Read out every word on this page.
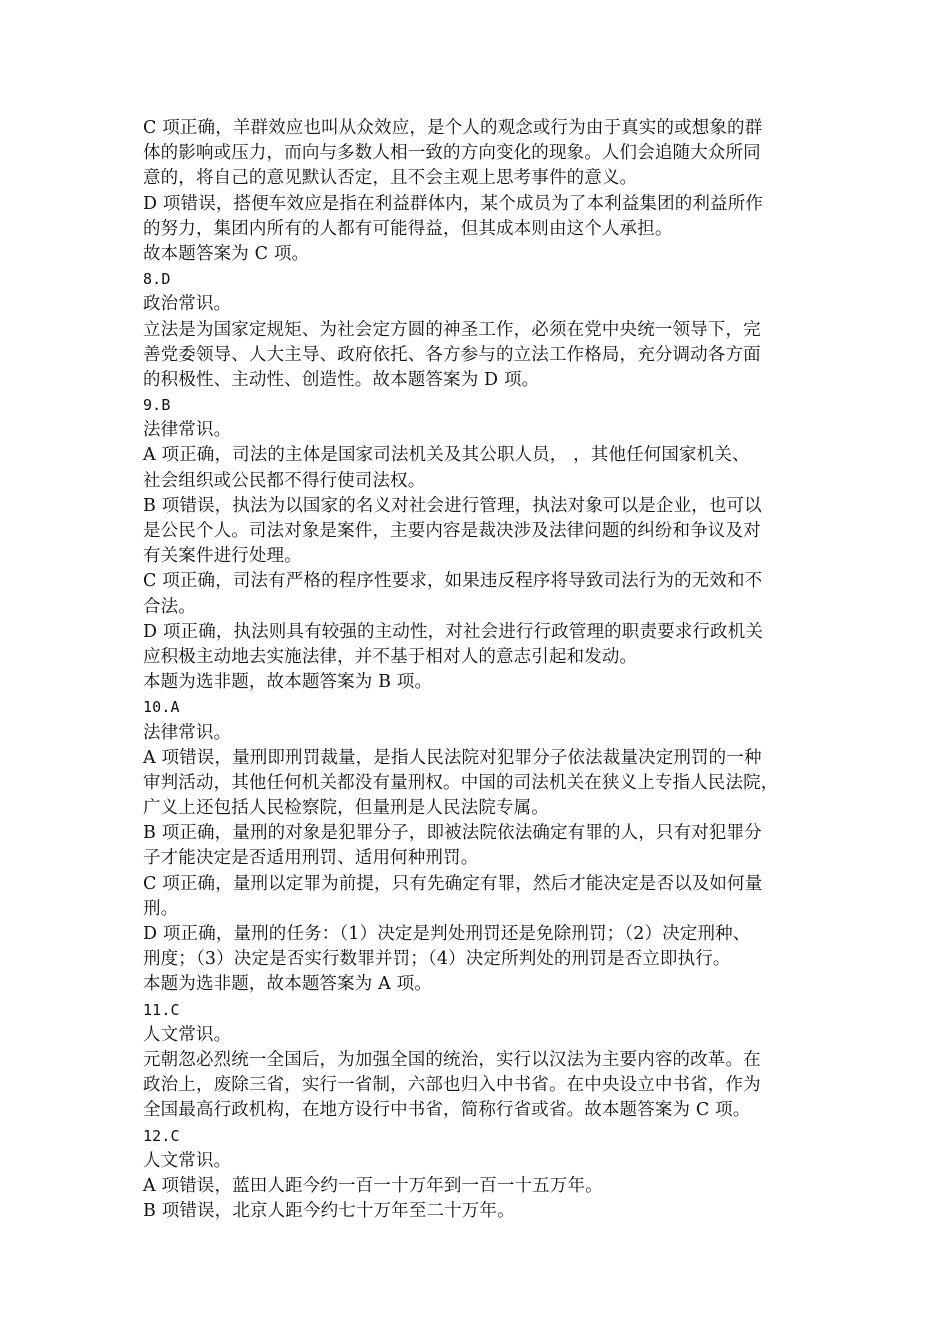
C 项正确，羊群效应也叫从众效应，是个人的观念或行为由于真实的或想象的群
体的影响或压力，而向与多数人相一致的方向变化的现象。人们会追随大众所同
意的，将自己的意见默认否定，且不会主观上思考事件的意义。
D 项错误，搭便车效应是指在利益群体内，某个成员为了本利益集团的利益所作
的努力，集团内所有的人都有可能得益，但其成本则由这个人承担。
故本题答案为 C 项。
8.D
政治常识。
立法是为国家定规矩、为社会定方圆的神圣工作，必须在党中央统一领导下，完
善党委领导、人大主导、政府依托、各方参与的立法工作格局，充分调动各方面
的积极性、主动性、创造性。故本题答案为 D 项。
9.B
法律常识。
A 项正确，司法的主体是国家司法机关及其公职人员， ，其他任何国家机关、
社会组织或公民都不得行使司法权。
B 项错误，执法为以国家的名义对社会进行管理，执法对象可以是企业，也可以
是公民个人。司法对象是案件，主要内容是裁决涉及法律问题的纠纷和争议及对
有关案件进行处理。
C 项正确，司法有严格的程序性要求，如果违反程序将导致司法行为的无效和不
合法。
D 项正确，执法则具有较强的主动性，对社会进行行政管理的职责要求行政机关
应积极主动地去实施法律，并不基于相对人的意志引起和发动。
本题为选非题，故本题答案为 B 项。
10.A
法律常识。
A 项错误，量刑即刑罚裁量，是指人民法院对犯罪分子依法裁量决定刑罚的一种
审判活动，其他任何机关都没有量刑权。中国的司法机关在狭义上专指人民法院，
广义上还包括人民检察院，但量刑是人民法院专属。
B 项正确，量刑的对象是犯罪分子，即被法院依法确定有罪的人，只有对犯罪分
子才能决定是否适用刑罚、适用何种刑罚。
C 项正确，量刑以定罪为前提，只有先确定有罪，然后才能决定是否以及如何量
刑。
D 项正确，量刑的任务：（1）决定是判处刑罚还是免除刑罚；（2）决定刑种、
刑度；（3）决定是否实行数罪并罚；（4）决定所判处的刑罚是否立即执行。
本题为选非题，故本题答案为 A 项。
11.C
人文常识。
元朝忽必烈统一全国后，为加强全国的统治，实行以汉法为主要内容的改革。在
政治上，废除三省，实行一省制，六部也归入中书省。在中央设立中书省，作为
全国最高行政机构，在地方设行中书省，简称行省或省。故本题答案为 C 项。
12.C
人文常识。
A 项错误，蓝田人距今约一百一十万年到一百一十五万年。
B 项错误，北京人距今约七十万年至二十万年。
